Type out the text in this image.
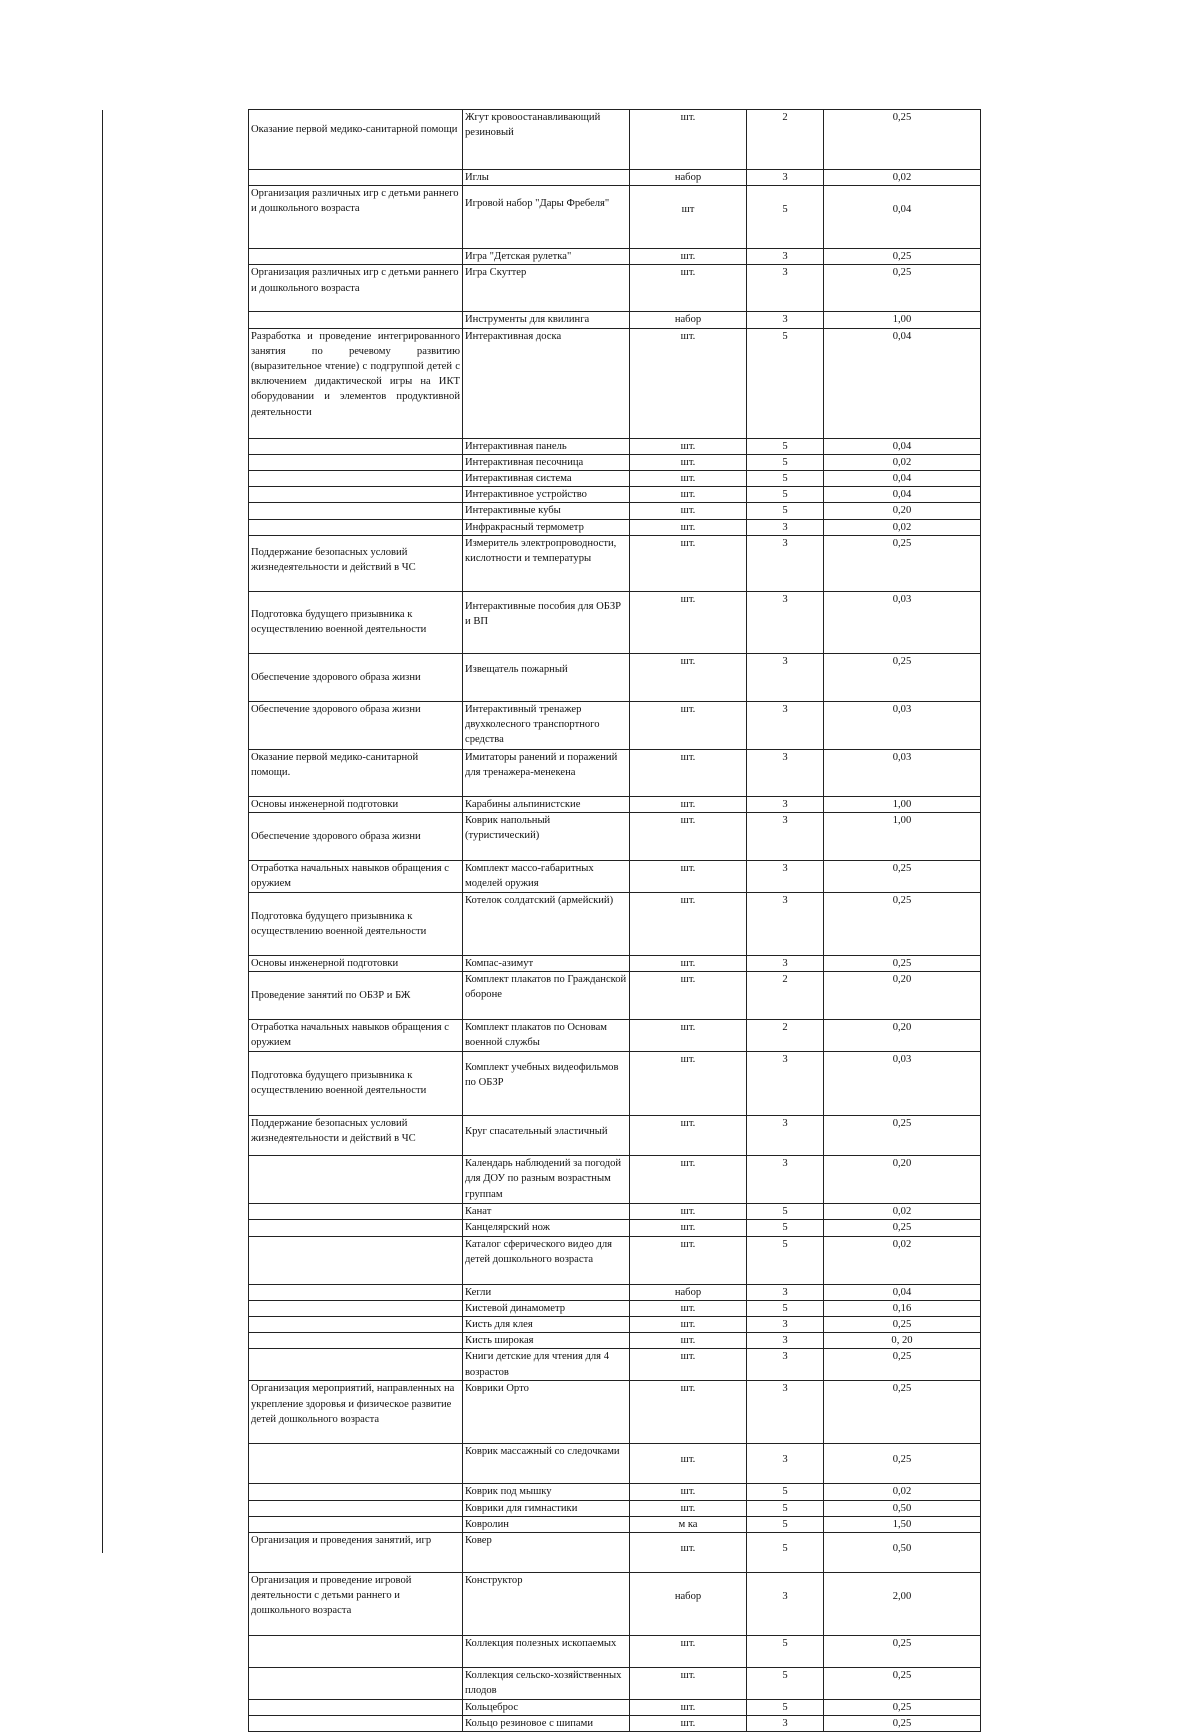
Оказание первой медико-санитарной помощи	Жгут кровоостанавливающий резиновый	шт.	2	0,25
	Иглы	набор	3	0,02
Организация различных игр с детьми раннего и дошкольного возраста	Игровой набор "Дары Фребеля"	шт	5	0,04
	Игра "Детская рулетка"	шт.	3	0,25
Организация различных игр с детьми раннего и дошкольного возраста	Игра Скуттер	шт.	3	0,25
	Инструменты для квилинга	набор	3	1,00
Разработка и проведение интегрированного занятия по речевому развитию (выразительное чтение) с подгруппой детей с включением дидактической игры на ИКТ оборудовании и элементов продуктивной деятельности	Интерактивная доска	шт.	5	0,04
	Интерактивная панель	шт.	5	0,04
	Интерактивная песочница	шт.	5	0,02
	Интерактивная система	шт.	5	0,04
	Интерактивное устройство	шт.	5	0,04
	Интерактивные кубы	шт.	5	0,20
	Инфракрасный термометр	шт.	3	0,02
Поддержание безопасных условий жизнедеятельности и действий в ЧС	Измеритель электропроводности, кислотности и температуры	шт.	3	0,25
Подготовка будущего призывника к осуществлению военной деятельности	Интерактивные пособия для ОБЗР и ВП	шт.	3	0,03
Обеспечение здорового образа жизни	Извещатель пожарный	шт.	3	0,25
Обеспечение здорового образа жизни	Интерактивный тренажер двухколесного транспортного средства	шт.	3	0,03
Оказание первой медико-санитарной помощи.	Имитаторы ранений и поражений для тренажера-менекена	шт.	3	0,03
Основы инженерной подготовки	Карабины альпинистские	шт.	3	1,00
Обеспечение здорового образа жизни	Коврик напольный (туристический)	шт.	3	1,00
Отработка начальных навыков обращения с оружием	Комплект массо-габаритных моделей оружия	шт.	3	0,25
Подготовка будущего призывника к осуществлению военной деятельности	Котелок солдатский (армейский)	шт.	3	0,25
Основы инженерной подготовки	Компас-азимут	шт.	3	0,25
Проведение занятий по ОБЗР и БЖ	Комплект плакатов по Гражданской обороне	шт.	2	0,20
Отработка начальных навыков обращения с оружием	Комплект плакатов по Основам военной службы	шт.	2	0,20
Подготовка будущего призывника к осуществлению военной деятельности	Комплект учебных видеофильмов по ОБЗР	шт.	3	0,03
Поддержание безопасных условий жизнедеятельности и действий в ЧС	Круг спасательный эластичный	шт.	3	0,25
	Календарь наблюдений за погодой для ДОУ по разным возрастным группам	шт.	3	0,20
	Канат	шт.	5	0,02
	Канцелярский нож	шт.	5	0,25
	Каталог сферического видео для детей дошкольного возраста	шт.	5	0,02
	Кегли	набор	3	0,04
	Кистевой динамометр	шт.	5	0,16
	Кисть для клея	шт.	3	0,25
	Кисть широкая	шт.	3	0, 20
	Книги детские для чтения для 4 возрастов	шт.	3	0,25
Организация мероприятий, направленных на укрепление здоровья и физическое развитие детей дошкольного возраста	Коврики Орто	шт.	3	0,25
	Коврик массажный со следочками	шт.	3	0,25
	Коврик под мышку	шт.	5	0,02
	Коврики для гимнастики	шт.	5	0,50
	Ковролин	м ка	5	1,50
Организация и проведения занятий, игр	Ковер	шт.	5	0,50
Организация и проведение игровой деятельности с детьми раннего и дошкольного возраста	Конструктор	набор	3	2,00
	Коллекция полезных ископаемых	шт.	5	0,25
	Коллекция сельско-хозяйственных плодов	шт.	5	0,25
	Кольцеброс	шт.	5	0,25
	Кольцо резиновое с шипами	шт.	3	0,25
